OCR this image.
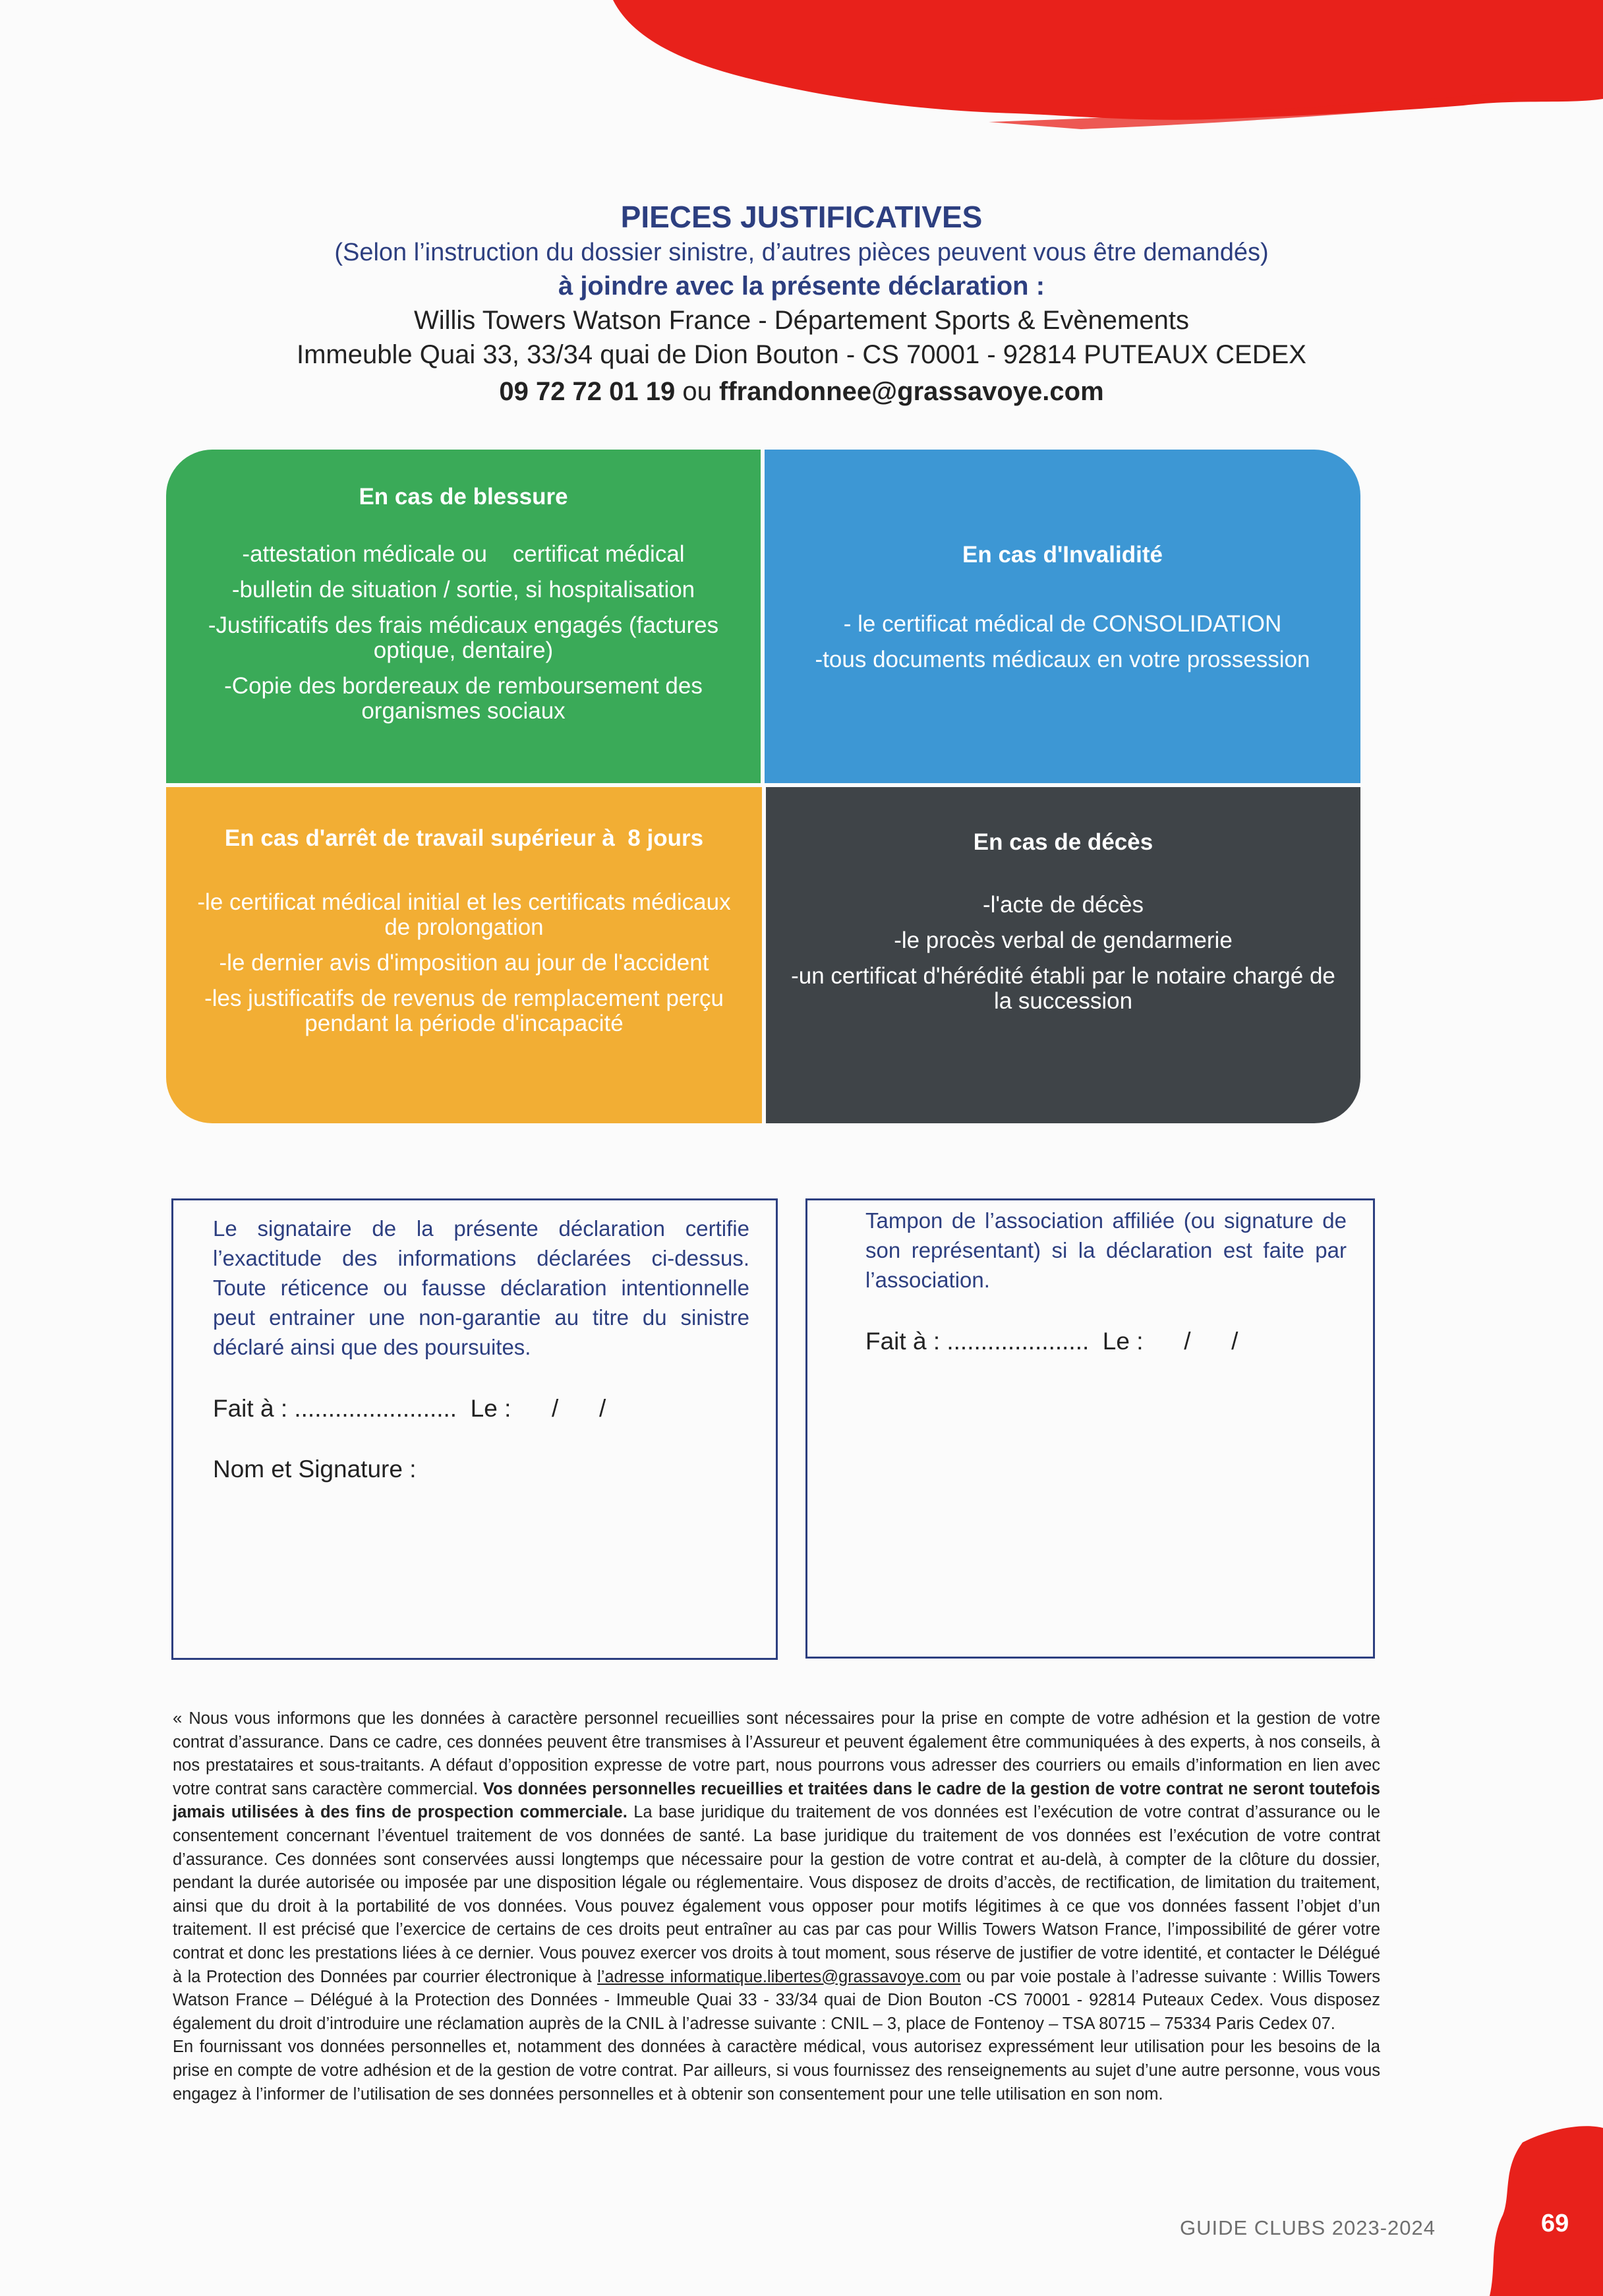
PIECES JUSTIFICATIVES
(Selon l’instruction du dossier sinistre, d’autres pièces peuvent vous être demandés)
à joindre avec la présente déclaration :
Willis Towers Watson France - Département Sports & Evènements
Immeuble Quai 33, 33/34 quai de Dion Bouton - CS 70001 - 92814 PUTEAUX CEDEX
09 72 72 01 19 ou ffrandonnee@grassavoye.com
En cas de blessure
-attestation médicale ou    certificat médical
-bulletin de situation / sortie, si hospitalisation
-Justificatifs des frais médicaux engagés (factures optique, dentaire)
-Copie des bordereaux de remboursement des organismes sociaux
En cas d'Invalidité
- le certificat médical de CONSOLIDATION
-tous documents médicaux en votre prossession
En cas d'arrêt de travail supérieur à  8 jours
-le certificat médical initial et les certificats médicaux de prolongation
-le dernier avis d'imposition au jour de l'accident
-les justificatifs de revenus de remplacement perçu pendant la période d'incapacité
En cas de décès
-l'acte de décès
-le procès verbal de gendarmerie
-un certificat d'hérédité établi par le notaire chargé de la succession

Le signataire de la présente déclaration certifie l’exactitude des informations déclarées ci-dessus. Toute réticence ou fausse déclaration intentionnelle peut entrainer une non-garantie au titre du sinistre déclaré ainsi que des poursuites.

Fait à : ........................  Le :      /      /
Nom et Signature :

Tampon de l’association affiliée (ou signature de son représentant) si la déclaration est faite par l’association.

Fait à : .....................  Le :      /      /

« Nous vous informons que les données à caractère personnel recueillies sont nécessaires pour la prise en compte de votre adhésion et la gestion de votre contrat d’assurance. Dans ce cadre, ces données peuvent être transmises à l’Assureur et peuvent également être communiquées à des experts, à nos conseils, à nos prestataires et sous-traitants. A défaut d’opposition expresse de votre part, nous pourrons vous adresser des courriers ou emails d’information en lien avec votre contrat sans caractère commercial. Vos données personnelles recueillies et traitées dans le cadre de la gestion de votre contrat ne seront toutefois jamais utilisées à des fins de prospection commerciale. La base juridique du traitement de vos données est l’exécution de votre contrat d’assurance ou le consentement concernant l’éventuel traitement de vos données de santé. La base juridique du traitement de vos données est l’exécution de votre contrat d’assurance. Ces données sont conservées aussi longtemps que nécessaire pour la gestion de votre contrat et au-delà, à compter de la clôture du dossier, pendant la durée autorisée ou imposée par une disposition légale ou réglementaire. Vous disposez de droits d’accès, de rectification, de limitation du traitement, ainsi que du droit à la portabilité de vos données. Vous pouvez également vous opposer pour motifs légitimes à ce que vos données fassent l’objet d’un traitement. Il est précisé que l’exercice de certains de ces droits peut entraîner au cas par cas pour Willis Towers Watson France, l’impossibilité de gérer votre contrat et donc les prestations liées à ce dernier. Vous pouvez exercer vos droits à tout moment, sous réserve de justifier de votre identité, et contacter le Délégué à la Protection des Données par courrier électronique à l’adresse informatique.libertes@grassavoye.com ou par voie postale à l’adresse suivante : Willis Towers Watson France – Délégué à la Protection des Données - Immeuble Quai 33 - 33/34 quai de Dion Bouton -CS 70001 - 92814 Puteaux Cedex. Vous disposez également du droit d’introduire une réclamation auprès de la CNIL à l’adresse suivante : CNIL – 3, place de Fontenoy – TSA 80715 – 75334 Paris Cedex 07.

En fournissant vos données personnelles et, notamment des données à caractère médical, vous autorisez expressément leur utilisation pour les besoins de la prise en compte de votre adhésion et de la gestion de votre contrat. Par ailleurs, si vous fournissez des renseignements au sujet d’une autre personne, vous vous engagez à l’informer de l’utilisation de ses données personnelles et à obtenir son consentement pour une telle utilisation en son nom.

GUIDE CLUBS 2023-2024	69
